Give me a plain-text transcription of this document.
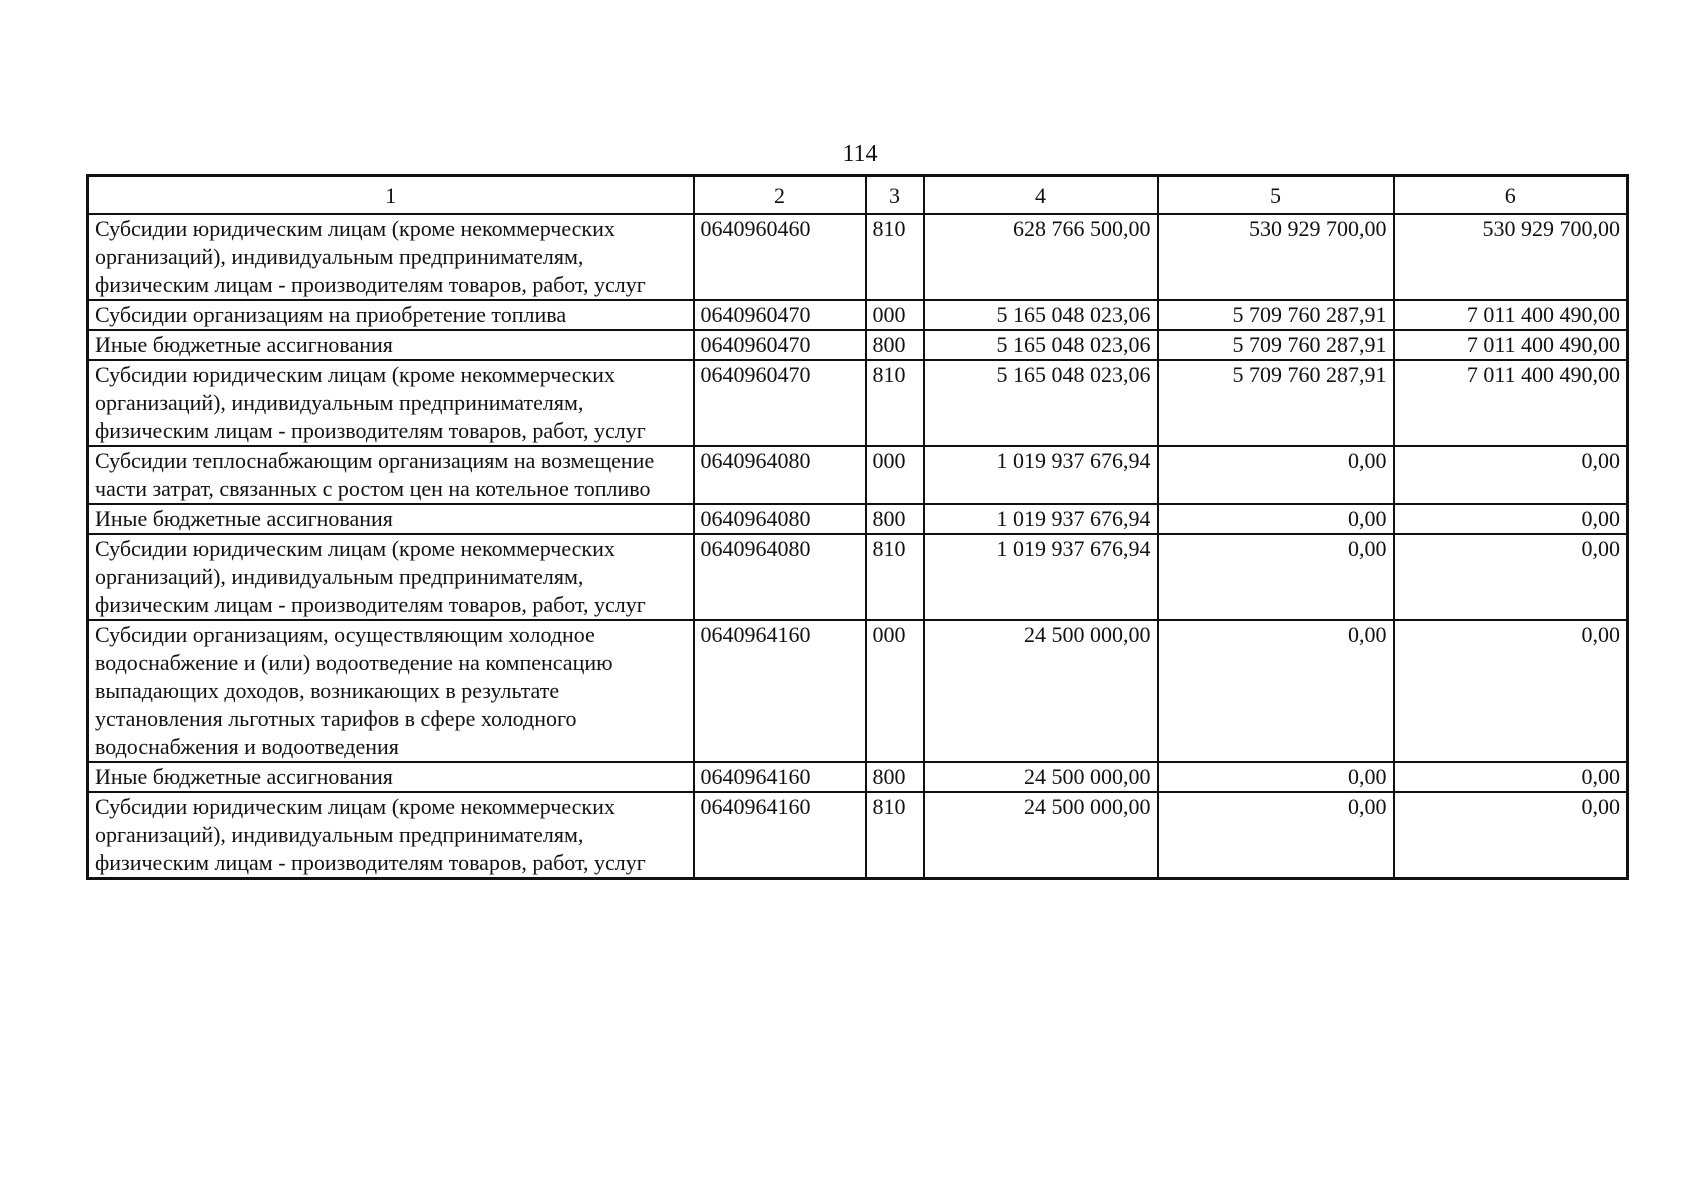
114
1	2	3	4	5	6
Субсидии юридическим лицам (кроме некоммерческих организаций), индивидуальным предпринимателям, физическим лицам - производителям товаров, работ, услуг	0640960460	810	628 766 500,00	530 929 700,00	530 929 700,00
Субсидии организациям на приобретение топлива	0640960470	000	5 165 048 023,06	5 709 760 287,91	7 011 400 490,00
Иные бюджетные ассигнования	0640960470	800	5 165 048 023,06	5 709 760 287,91	7 011 400 490,00
Субсидии юридическим лицам (кроме некоммерческих организаций), индивидуальным предпринимателям, физическим лицам - производителям товаров, работ, услуг	0640960470	810	5 165 048 023,06	5 709 760 287,91	7 011 400 490,00
Субсидии теплоснабжающим организациям на возмещение части затрат, связанных с ростом цен на котельное топливо	0640964080	000	1 019 937 676,94	0,00	0,00
Иные бюджетные ассигнования	0640964080	800	1 019 937 676,94	0,00	0,00
Субсидии юридическим лицам (кроме некоммерческих организаций), индивидуальным предпринимателям, физическим лицам - производителям товаров, работ, услуг	0640964080	810	1 019 937 676,94	0,00	0,00
Субсидии организациям, осуществляющим холодное водоснабжение и (или) водоотведение на компенсацию выпадающих доходов, возникающих в результате установления льготных тарифов в сфере холодного водоснабжения и водоотведения	0640964160	000	24 500 000,00	0,00	0,00
Иные бюджетные ассигнования	0640964160	800	24 500 000,00	0,00	0,00
Субсидии юридическим лицам (кроме некоммерческих организаций), индивидуальным предпринимателям, физическим лицам - производителям товаров, работ, услуг	0640964160	810	24 500 000,00	0,00	0,00
